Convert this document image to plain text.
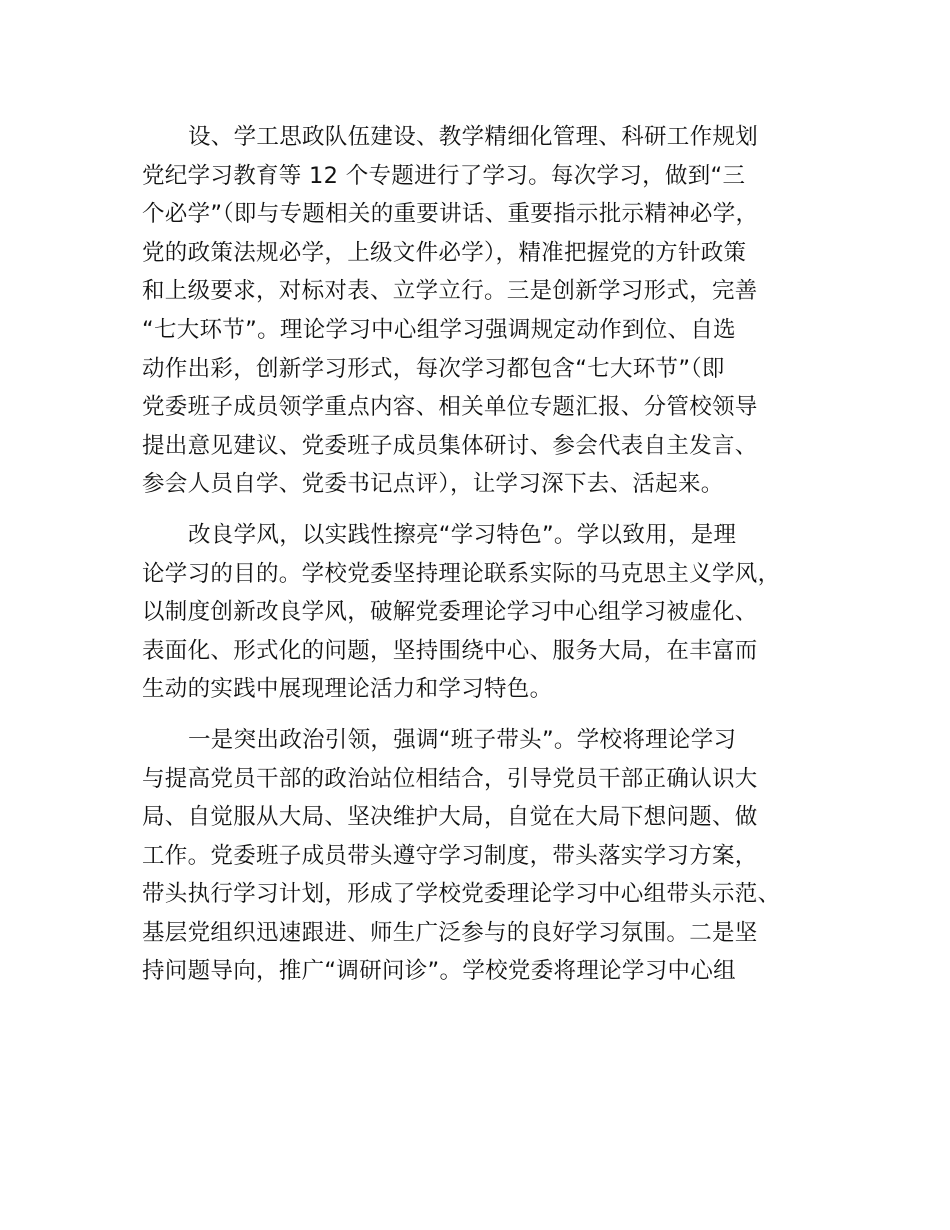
设、学工思政队伍建设、教学精细化管理、科研工作规划
党纪学习教育等 12 个专题进行了学习。每次学习，做到“三
个必学”（即与专题相关的重要讲话、重要指示批示精神必学，
党的政策法规必学，上级文件必学），精准把握党的方针政策
和上级要求，对标对表、立学立行。三是创新学习形式，完善
“七大环节”。理论学习中心组学习强调规定动作到位、自选
动作出彩，创新学习形式，每次学习都包含“七大环节”（即
党委班子成员领学重点内容、相关单位专题汇报、分管校领导
提出意见建议、党委班子成员集体研讨、参会代表自主发言、
参会人员自学、党委书记点评），让学习深下去、活起来。
改良学风，以实践性擦亮“学习特色”。学以致用，是理
论学习的目的。学校党委坚持理论联系实际的马克思主义学风，
以制度创新改良学风，破解党委理论学习中心组学习被虚化、
表面化、形式化的问题，坚持围绕中心、服务大局，在丰富而
生动的实践中展现理论活力和学习特色。
一是突出政治引领，强调“班子带头”。学校将理论学习
与提高党员干部的政治站位相结合，引导党员干部正确认识大
局、自觉服从大局、坚决维护大局，自觉在大局下想问题、做
工作。党委班子成员带头遵守学习制度，带头落实学习方案，
带头执行学习计划，形成了学校党委理论学习中心组带头示范、
基层党组织迅速跟进、师生广泛参与的良好学习氛围。二是坚
持问题导向，推广“调研问诊”。学校党委将理论学习中心组
